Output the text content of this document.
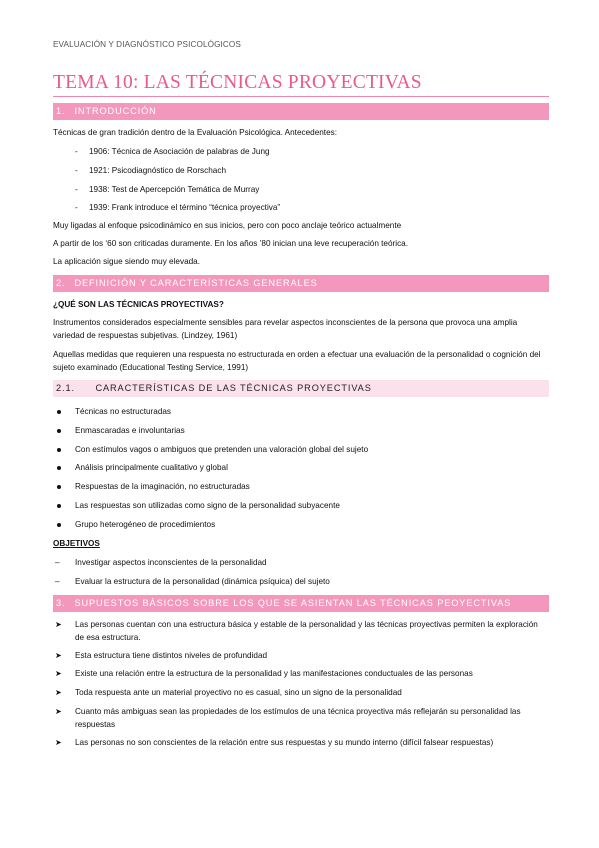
EVALUACIÓN Y DIAGNÓSTICO PSICOLÓGICOS
TEMA 10: LAS TÉCNICAS PROYECTIVAS
1. INTRODUCCIÓN

Técnicas de gran tradición dentro de la Evaluación Psicológica. Antecedentes:

- 1906: Técnica de Asociación de palabras de Jung
- 1921: Psicodiagnóstico de Rorschach
- 1938: Test de Apercepción Temática de Murray
- 1939: Frank introduce el término “técnica proyectiva”

Muy ligadas al enfoque psicodinámico en sus inicios, pero con poco anclaje teórico actualmente

A partir de los ‘60 son criticadas duramente. En los años ’80 inician una leve recuperación teórica.

La aplicación sigue siendo muy elevada.

2. DEFINICIÓN Y CARACTERÍSTICAS GENERALES

¿QUÉ SON LAS TÉCNICAS PROYECTIVAS?

Instrumentos considerados especialmente sensibles para revelar aspectos inconscientes de la persona que provoca una amplia variedad de respuestas subjetivas. (Lindzey, 1961)

Aquellas medidas que requieren una respuesta no estructurada en orden a efectuar una evaluación de la personalidad o cognición del sujeto examinado (Educational Testing Service, 1991)

2.1. CARACTERÍSTICAS DE LAS TÉCNICAS PROYECTIVAS
Técnicas no estructuradas
Enmascaradas e involuntarias
Con estímulos vagos o ambiguos que pretenden una valoración global del sujeto
Análisis principalmente cualitativo y global
Respuestas de la imaginación, no estructuradas
Las respuestas son utilizadas como signo de la personalidad subyacente
Grupo heterogéneo de procedimientos

OBJETIVOS

– Investigar aspectos inconscientes de la personalidad
– Evaluar la estructura de la personalidad (dinámica psíquica) del sujeto
3. SUPUESTOS BÁSICOS SOBRE LOS QUE SE ASIENTAN LAS TÉCNICAS PEOYECTIVAS
➤ Las personas cuentan con una estructura básica y estable de la personalidad y las técnicas proyectivas permiten la exploración de esa estructura.

➤ Esta estructura tiene distintos niveles de profundidad
➤ Existe una relación entre la estructura de la personalidad y las manifestaciones conductuales de las personas
➤ Toda respuesta ante un material proyectivo no es casual, sino un signo de la personalidad
➤ Cuanto más ambiguas sean las propiedades de los estímulos de una técnica proyectiva más reflejarán su personalidad las respuestas

➤ Las personas no son conscientes de la relación entre sus respuestas y su mundo interno (difícil falsear respuestas)
